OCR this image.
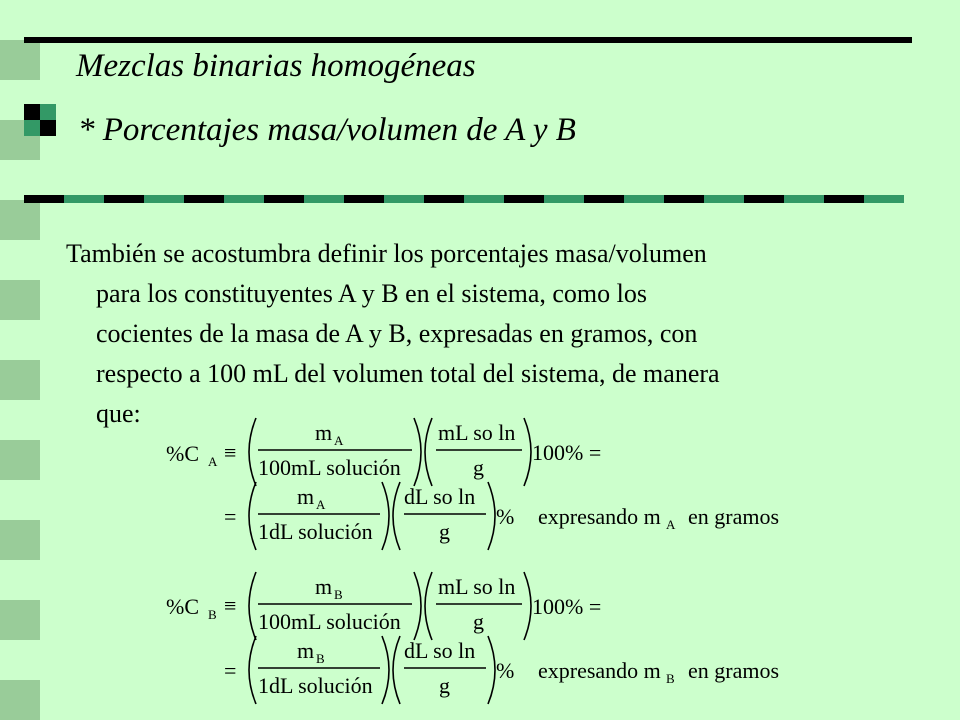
Mezclas binarias homogéneas
* Porcentajes masa/volumen de A y B
También se acostumbra definir los porcentajes masa/volumen
para los constituyentes A y B en el sistema, como los
cocientes de la masa de A y B, expresadas en gramos, con
respecto a 100 mL del volumen total del sistema, de manera
que:
%C A ≡
m A
100mL solución
mL so ln
g
100% =
=
m A
1dL solución
dL so ln
g
% expresando m A en gramos
%C B ≡
m B
100mL solución
mL so ln
g
100% =
=
m B
1dL solución
dL so ln
g
% expresando m B en gramos
